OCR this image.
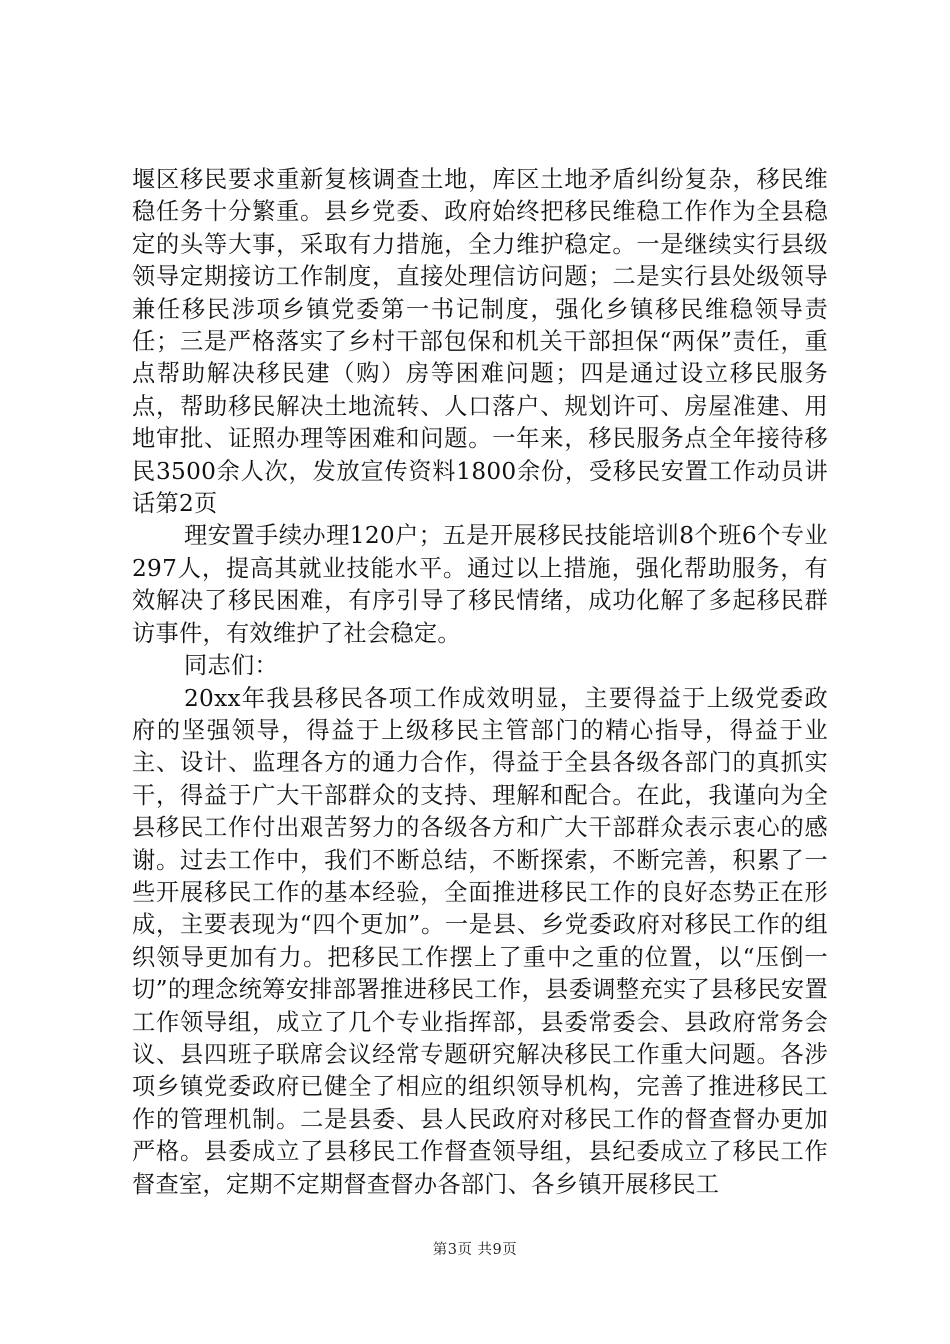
堰区移民要求重新复核调查土地，库区土地矛盾纠纷复杂，移民维稳任务十分繁重。县乡党委、政府始终把移民维稳工作作为全县稳定的头等大事，采取有力措施，全力维护稳定。一是继续实行县级领导定期接访工作制度，直接处理信访问题；二是实行县处级领导兼任移民涉项乡镇党委第一书记制度，强化乡镇移民维稳领导责任；三是严格落实了乡村干部包保和机关干部担保“两保”责任，重点帮助解决移民建（购）房等困难问题；四是通过设立移民服务点，帮助移民解决土地流转、人口落户、规划许可、房屋准建、用地审批、证照办理等困难和问题。一年来，移民服务点全年接待移民3500余人次，发放宣传资料1800余份，受移民安置工作动员讲话第2页

理安置手续办理120户；五是开展移民技能培训8个班6个专业297人，提高其就业技能水平。通过以上措施，强化帮助服务，有效解决了移民困难，有序引导了移民情绪，成功化解了多起移民群访事件，有效维护了社会稳定。

同志们：

20xx年我县移民各项工作成效明显，主要得益于上级党委政府的坚强领导，得益于上级移民主管部门的精心指导，得益于业主、设计、监理各方的通力合作，得益于全县各级各部门的真抓实干，得益于广大干部群众的支持、理解和配合。在此，我谨向为全县移民工作付出艰苦努力的各级各方和广大干部群众表示衷心的感谢。过去工作中，我们不断总结，不断探索，不断完善，积累了一些开展移民工作的基本经验，全面推进移民工作的良好态势正在形成，主要表现为“四个更加”。一是县、乡党委政府对移民工作的组织领导更加有力。把移民工作摆上了重中之重的位置，以“压倒一切”的理念统筹安排部署推进移民工作，县委调整充实了县移民安置工作领导组，成立了几个专业指挥部，县委常委会、县政府常务会议、县四班子联席会议经常专题研究解决移民工作重大问题。各涉项乡镇党委政府已健全了相应的组织领导机构，完善了推进移民工作的管理机制。二是县委、县人民政府对移民工作的督查督办更加严格。县委成立了县移民工作督查领导组，县纪委成立了移民工作督查室，定期不定期督查督办各部门、各乡镇开展移民工

第3页 共9页
